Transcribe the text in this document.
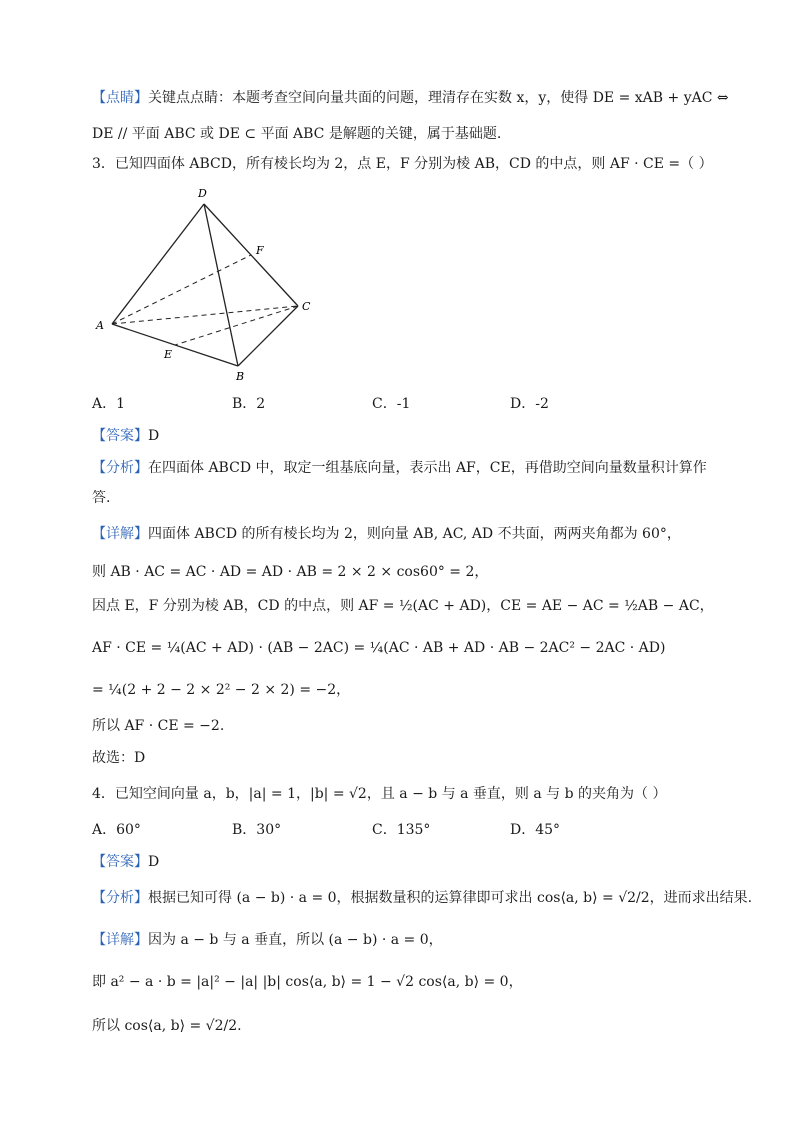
【点睛】关键点点睛：本题考查空间向量共面的问题，理清存在实数 x，y，使得 DE = xAB + yAC ⇔
DE // 平面 ABC 或 DE ⊂ 平面 ABC 是解题的关键，属于基础题.
3．已知四面体 ABCD，所有棱长均为 2，点 E，F 分别为棱 AB，CD 的中点，则 AF · CE =（ ）
D
A
B
C
E
F
A．1	B．2	C．-1	D．-2
【答案】D
【分析】在四面体 ABCD 中，取定一组基底向量，表示出 AF，CE，再借助空间向量数量积计算作
答.
【详解】四面体 ABCD 的所有棱长均为 2，则向量 AB, AC, AD 不共面，两两夹角都为 60°，
则 AB · AC = AC · AD = AD · AB = 2 × 2 × cos60° = 2，
因点 E，F 分别为棱 AB，CD 的中点，则 AF = ½(AC + AD)，CE = AE − AC = ½AB − AC，
AF · CE = ¼(AC + AD) · (AB − 2AC) = ¼(AC · AB + AD · AB − 2AC² − 2AC · AD)
= ¼(2 + 2 − 2 × 2² − 2 × 2) = −2，
所以 AF · CE = −2.
故选：D
4．已知空间向量 a，b，|a| = 1，|b| = √2，且 a − b 与 a 垂直，则 a 与 b 的夹角为（ ）
A．60°	B．30°	C．135°	D．45°
【答案】D
【分析】根据已知可得 (a − b) · a = 0，根据数量积的运算律即可求出 cos⟨a, b⟩ = √2/2，进而求出结果.
【详解】因为 a − b 与 a 垂直，所以 (a − b) · a = 0，
即 a² − a · b = |a|² − |a| |b| cos⟨a, b⟩ = 1 − √2 cos⟨a, b⟩ = 0，
所以 cos⟨a, b⟩ = √2/2.
